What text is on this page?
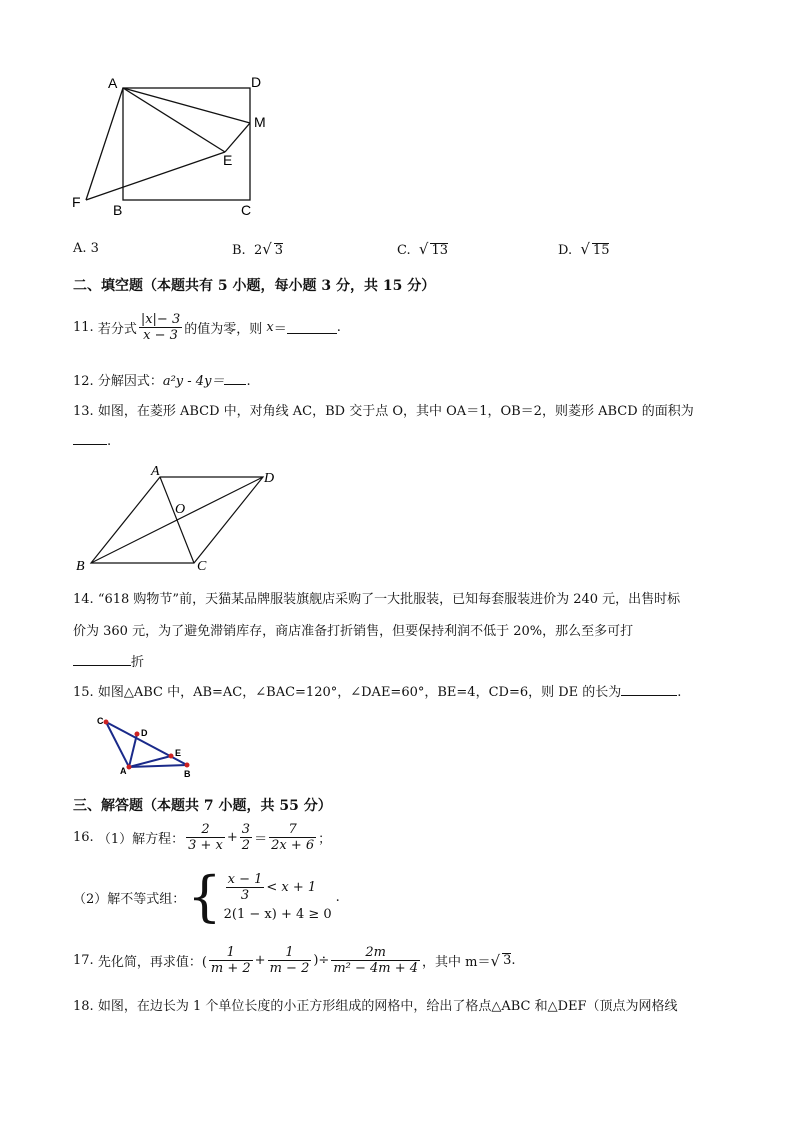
A	D
M
E
F B	C
A. 3	B. 2√ 3	C. √ 13	D. √ 15
二、填空题（本题共有 5 小题，每小题 3 分，共 15 分）
11.
若分式 $\frac{|x|- 3}{x - 3}$ 的值为零，则
x ＝	.
12. 分解因式：a²y - 4y＝ .
13. 如图，在菱形 ABCD 中，对角线 AC，BD 交于点 O，其中 OA＝1，OB＝2，则菱形 ABCD 的面积为
.
A	D
O
B	C
14. “618 购物节”前，天猫某品牌服装旗舰店采购了一大批服装，已知每套服装进价为 240 元，出售时标
价为 360 元，为了避免滞销库存，商店准备打折销售，但要保持利润不低于 20%，那么至多可打
折
15. 如图△ABC 中，AB=AC，∠BAC=120°，∠DAE=60°，BE=4，CD=6，则 DE 的长为	.
C
D
E
A	B
三、解答题（本题共 7 小题，共 55 分）
16.
（1）解方程： $\frac{2}{3 + x} + \frac{3}{2} = \frac{7}{2x + 6}$ ；
（2）解不等式组： { $\frac{x - 1}{3} < x + 1$
2(1 − x) + 4 ≥ 0
.
17.
先化简，再求值：( $\frac{1}{m + 2} + \frac{1}{m - 2}$ )÷ $\frac{2m}{\text{m² − 4m + 4}}$ ，其中 m＝ √ 3 .
18. 如图，在边长为 1 个单位长度的小正方形组成的网格中，给出了格点△ABC 和△DEF（顶点为网格线
